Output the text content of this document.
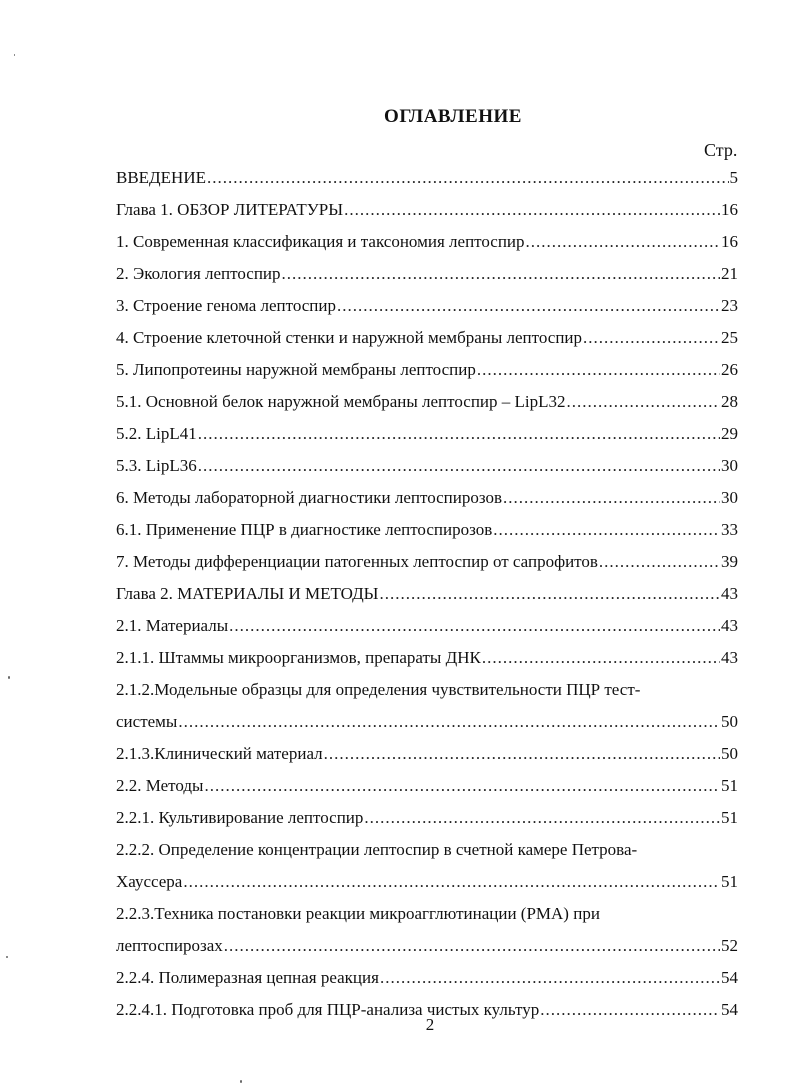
ОГЛАВЛЕНИЕ
Стр.
ВВЕДЕНИЕ .....	5
Глава 1. ОБЗОР ЛИТЕРАТУРЫ .....	16
1. Современная классификация и таксономия лептоспир .....	16
2. Экология лептоспир .....	21
3. Строение генома лептоспир .....	23
4. Строение клеточной стенки и наружной мембраны лептоспир .....	25
5. Липопротеины наружной мембраны лептоспир .....	26
5.1. Основной белок наружной мембраны лептоспир – LipL32 .....	28
5.2. LipL41 .....	29
5.3. LipL36 .....	30
6. Методы лабораторной диагностики лептоспирозов .....	30
6.1. Применение ПЦР в диагностике лептоспирозов .....	33
7. Методы дифференциации патогенных лептоспир от сапрофитов .....	39
Глава 2. МАТЕРИАЛЫ И МЕТОДЫ .....	43
2.1. Материалы .....	43
2.1.1. Штаммы микроорганизмов, препараты ДНК .....	43
2.1.2.Модельные образцы для определения чувствительности ПЦР тест-
системы .....	50
2.1.3.Клинический материал .....	50
2.2. Методы .....	51
2.2.1. Культивирование лептоспир .....	51
2.2.2. Определение концентрации лептоспир в счетной камере Петрова-
Хауссера .....	51
2.2.3.Техника постановки реакции микроагглютинации (РМА) при
лептоспирозах .....	52
2.2.4. Полимеразная цепная реакция .....	54
2.2.4.1. Подготовка проб для ПЦР-анализа чистых культур .....	54
2
